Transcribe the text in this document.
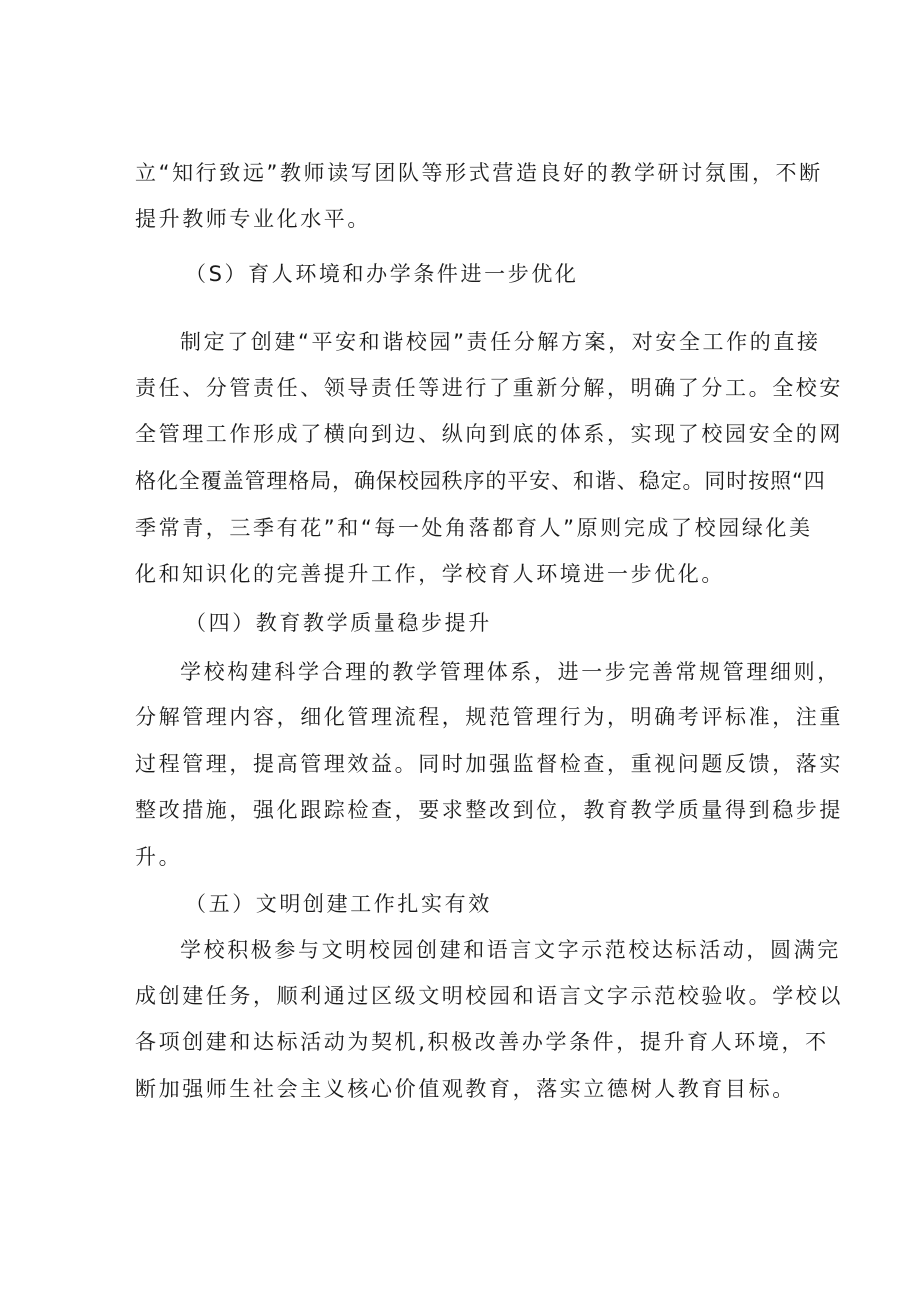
立“知行致远”教师读写团队等形式营造良好的教学研讨氛围，不断

提升教师专业化水平。

（S）育人环境和办学条件进一步优化

制定了创建“平安和谐校园”责任分解方案，对安全工作的直接

责任、分管责任、领导责任等进行了重新分解，明确了分工。全校安

全管理工作形成了横向到边、纵向到底的体系，实现了校园安全的网

格化全覆盖管理格局，确保校园秩序的平安、和谐、稳定。同时按照“四

季常青，三季有花”和“每一处角落都育人”原则完成了校园绿化美

化和知识化的完善提升工作，学校育人环境进一步优化。

（四）教育教学质量稳步提升

学校构建科学合理的教学管理体系，进一步完善常规管理细则，

分解管理内容，细化管理流程，规范管理行为，明确考评标准，注重

过程管理，提高管理效益。同时加强监督检查，重视问题反馈，落实

整改措施，强化跟踪检查，要求整改到位，教育教学质量得到稳步提

升。

（五）文明创建工作扎实有效

学校积极参与文明校园创建和语言文字示范校达标活动，圆满完

成创建任务，顺利通过区级文明校园和语言文字示范校验收。学校以

各项创建和达标活动为契机,积极改善办学条件，提升育人环境，不

断加强师生社会主义核心价值观教育，落实立德树人教育目标。
